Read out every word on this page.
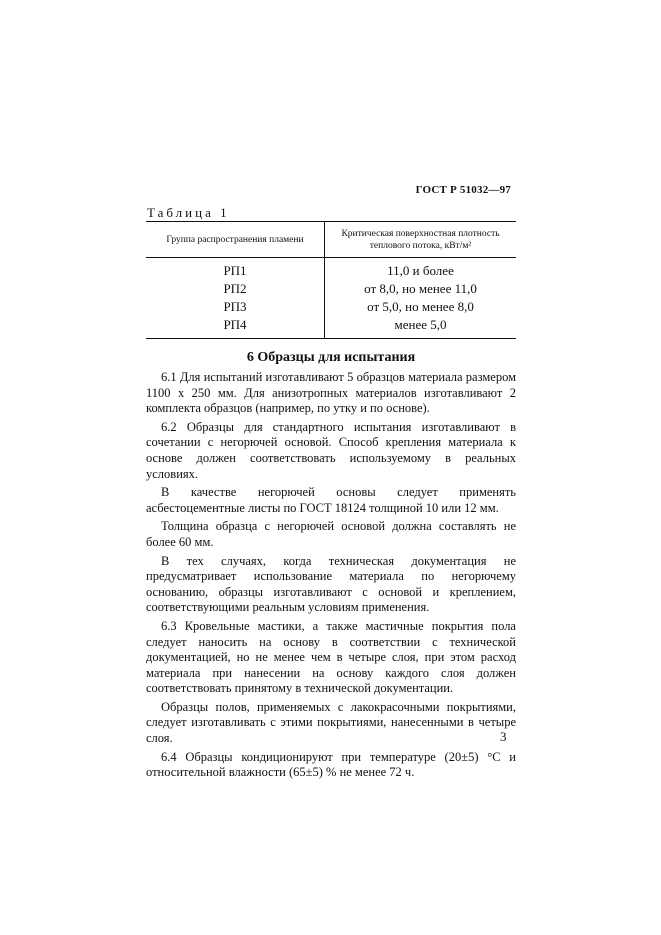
ГОСТ Р 51032—97
Таблица 1
Группа распространения пламени	Критическая поверхностная плотность теплового потока, кВт/м²
РП1	11,0 и более
РП2	от 8,0, но менее 11,0
РП3	от 5,0, но менее 8,0
РП4	менее 5,0
6 Образцы для испытания

6.1 Для испытаний изготавливают 5 образцов материала размером 1100 x 250 мм. Для анизотропных материалов изготавливают 2 комплекта образцов (например, по утку и по основе).

6.2 Образцы для стандартного испытания изготавливают в сочетании с негорючей основой. Способ крепления материала к основе должен соответствовать используемому в реальных условиях.

В качестве негорючей основы следует применять асбестоцементные листы по ГОСТ 18124 толщиной 10 или 12 мм.

Толщина образца с негорючей основой должна составлять не более 60 мм.

В тех случаях, когда техническая документация не предусматривает использование материала по негорючему основанию, образцы изготавливают с основой и креплением, соответствующими реальным условиям применения.

6.3 Кровельные мастики, а также мастичные покрытия пола следует наносить на основу в соответствии с технической документацией, но не менее чем в четыре слоя, при этом расход материала при нанесении на основу каждого слоя должен соответствовать принятому в технической документации.

Образцы полов, применяемых с лакокрасочными покрытиями, следует изготавливать с этими покрытиями, нанесенными в четыре слоя.

6.4 Образцы кондиционируют при температуре (20±5) °С и относительной влажности (65±5) % не менее 72 ч.

3
